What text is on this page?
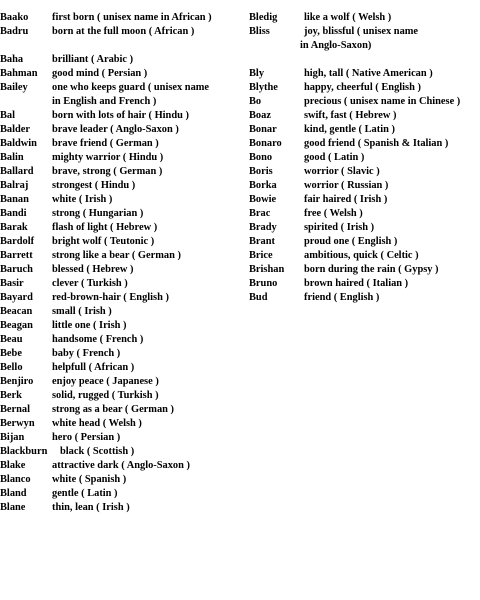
Baako	first born ( unisex name in African )
Badru	born at the full moon ( African )
Baha	brilliant ( Arabic )
Bahman	good mind ( Persian )
Bailey	one who keeps guard ( unisex name
in English and French )
Bal	born with lots of hair ( Hindu )
Balder	brave leader ( Anglo-Saxon )
Baldwin	brave friend ( German )
Balin	mighty warrior ( Hindu )
Ballard	brave, strong ( German )
Balraj	strongest ( Hindu )
Banan	white ( Irish )
Bandi	strong ( Hungarian )
Barak	flash of light ( Hebrew )
Bardolf	bright wolf ( Teutonic )
Barrett	strong like a bear ( German )
Baruch	blessed ( Hebrew )
Basir	clever ( Turkish )
Bayard	red-brown-hair ( English )
Beacan	small ( Irish )
Beagan	little one ( Irish )
Beau	handsome ( French )
Bebe	baby ( French )
Bello	helpfull ( African )
Benjiro	enjoy peace ( Japanese )
Berk	solid, rugged ( Turkish )
Bernal	strong as a bear ( German )
Berwyn	white head ( Welsh )
Bijan	hero ( Persian )
Blackburn	black ( Scottish )
Blake	attractive dark ( Anglo-Saxon )
Blanco	white ( Spanish )
Bland	gentle ( Latin )
Blane	thin, lean ( Irish )
Bledig	like a wolf ( Welsh )
Bliss	joy, blissful ( unisex name
in Anglo-Saxon)
Bly	high, tall ( Native American )
Blythe	happy, cheerful ( English )
Bo	precious ( unisex name in Chinese )
Boaz	swift, fast ( Hebrew )
Bonar	kind, gentle ( Latin )
Bonaro	good friend ( Spanish & Italian )
Bono	good ( Latin )
Boris	worrior ( Slavic )
Borka	worrior ( Russian )
Bowie	fair haired ( Irish )
Brac	free ( Welsh )
Brady	spirited ( Irish )
Brant	proud one ( English )
Brice	ambitious, quick ( Celtic )
Brishan	born during the rain ( Gypsy )
Bruno	brown haired ( Italian )
Bud	friend ( English )
